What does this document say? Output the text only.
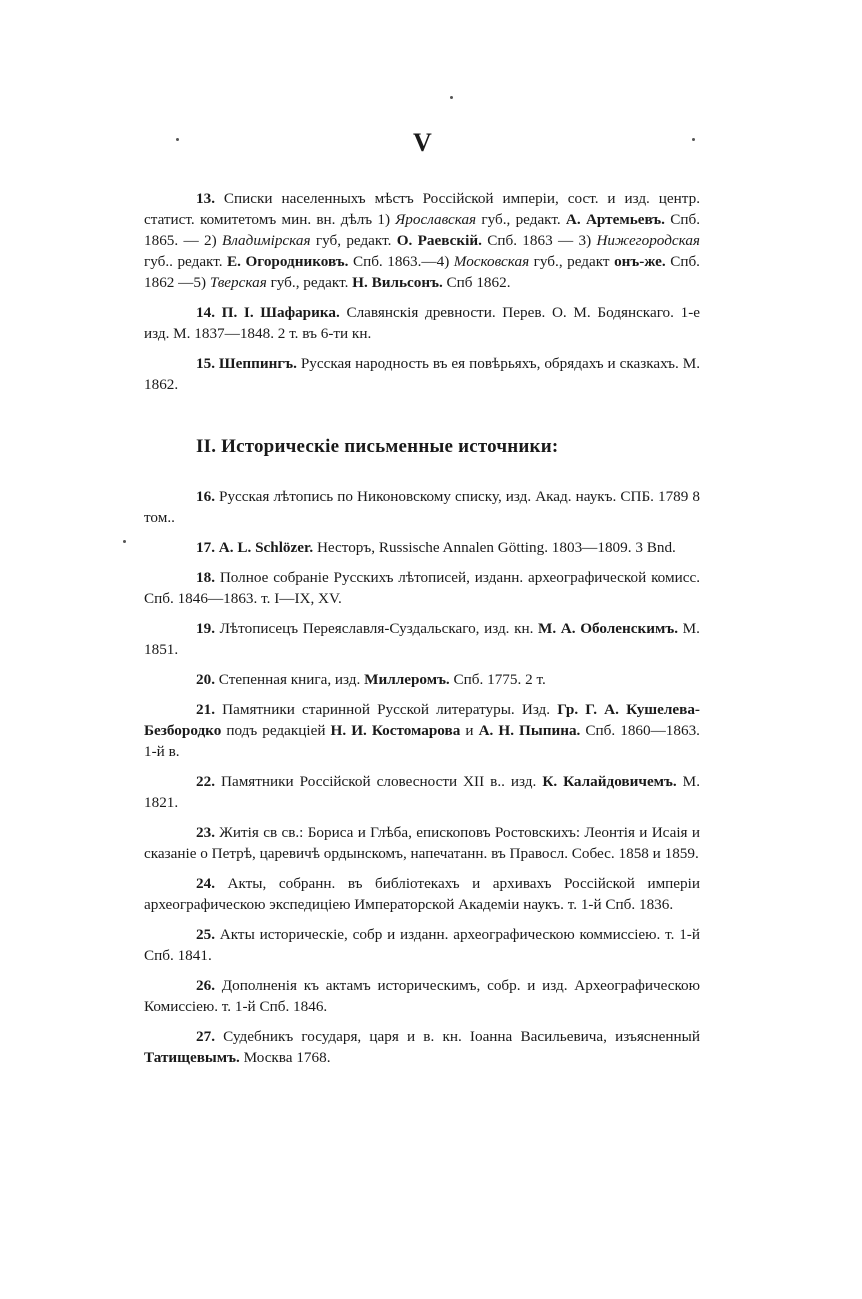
V

13. Списки населенныхъ мѣстъ Россійской имперіи, сост. и изд. центр. статист. комитетомъ мин. вн. дѣлъ 1) Ярославская губ., редакт. А. Артемьевъ. Спб. 1865. — 2) Владимірская губ, редакт. О. Раевскій. Спб. 1863 — 3) Нижегородская губ.. редакт. Е. Огородниковъ. Спб. 1863.—4) Московская губ., редакт онъ-же. Спб. 1862 —5) Тверская губ., редакт. Н. Вильсонъ. Спб 1862.

14. П. І. Шафарика. Славянскія древности. Перев. О. М. Бодянскаго. 1-е изд. М. 1837—1848. 2 т. въ 6-ти кн.

15. Шеппингъ. Русская народность въ ея повѣрьяхъ, обрядахъ и сказкахъ. М. 1862.

II. Историческіе письменные источники:

16. Русская лѣтопись по Никоновскому списку, изд. Акад. наукъ. СПБ. 1789 8 том..

17. A. L. Schlözer. Несторъ, Russische Annalen Götting. 1803—1809. 3 Bnd.

18. Полное собраніе Русскихъ лѣтописей, изданн. археографической комисс. Спб. 1846—1863. т. I—IX, XV.

19. Лѣтописецъ Переяславля-Суздальскаго, изд. кн. М. А. Оболенскимъ. М. 1851.

20. Степенная книга, изд. Миллеромъ. Спб. 1775. 2 т.

21. Памятники старинной Русской литературы. Изд. Гр. Г. А. Кушелева-Безбородко подъ редакціей Н. И. Костомарова и А. Н. Пыпина. Спб. 1860—1863. 1-й в.

22. Памятники Россійской словесности XII в.. изд. К. Калайдовичемъ. М. 1821.

23. Житія св св.: Бориса и Глѣба, епископовъ Ростовскихъ: Леонтія и Исаія и сказаніе о Петрѣ, царевичѣ ордынскомъ, напечатанн. въ Правосл. Собес. 1858 и 1859.

24. Акты, собранн. въ библіотекахъ и архивахъ Россійской имперіи археографическою экспедиціею Императорской Академіи наукъ. т. 1-й Спб. 1836.

25. Акты историческіе, собр и изданн. археографическою коммиссіею. т. 1-й Спб. 1841.

26. Дополненія къ актамъ историческимъ, собр. и изд. Археографическою Комиссіею. т. 1-й Спб. 1846.

27. Судебникъ государя, царя и в. кн. Іоанна Васильевича, изъясненный Татищевымъ. Москва 1768.
